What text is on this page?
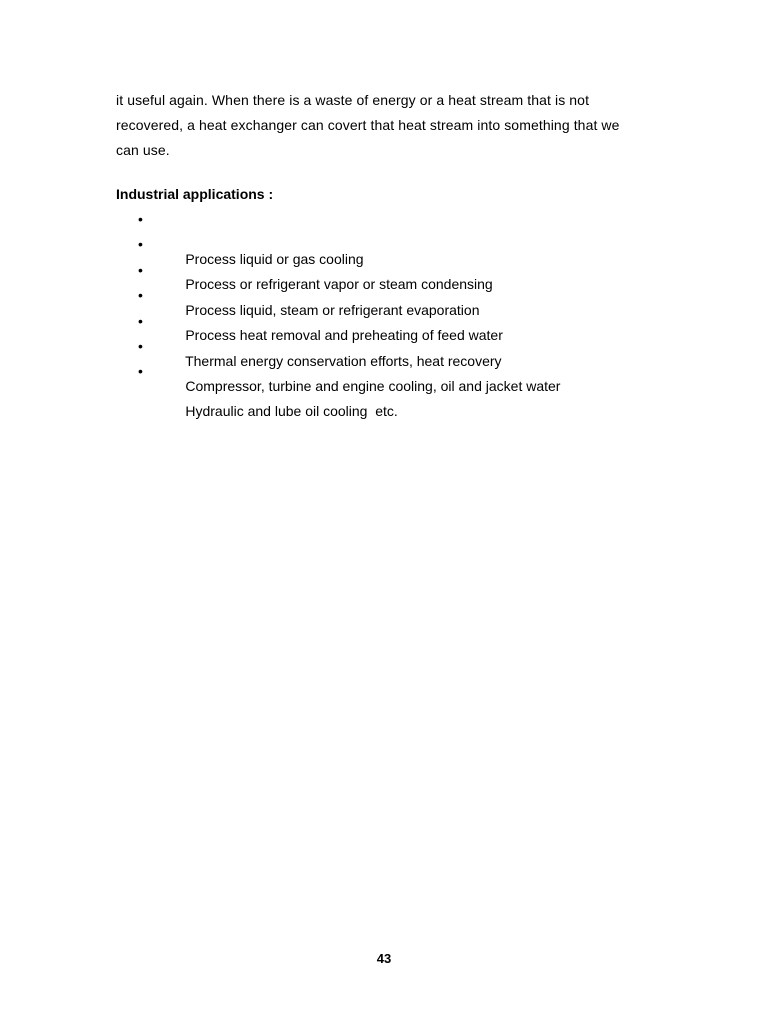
it useful again. When there is a waste of energy or a heat stream that is not
recovered, a heat exchanger can covert that heat stream into something that we
can use.

Industrial applications :

•

Process liquid or gas cooling

•

Process or refrigerant vapor or steam condensing

•

Process liquid, steam or refrigerant evaporation

•

Process heat removal and preheating of feed water

•

Thermal energy conservation efforts, heat recovery

•

Compressor, turbine and engine cooling, oil and jacket water

•

Hydraulic and lube oil cooling  etc.

43
